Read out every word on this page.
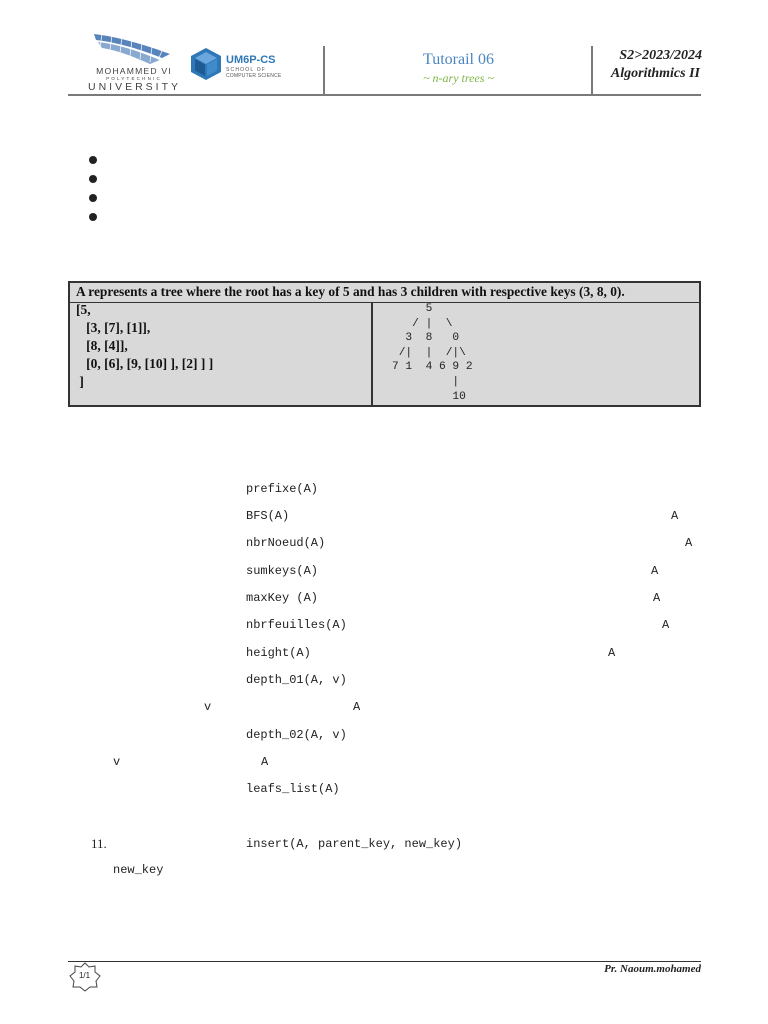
MOHAMMED VI
POLYTECHNIC
UNIVERSITY
UM6P-CS
SCHOOL OF
COMPUTER SCIENCE
Tutorail 06
~ n-ary trees ~
S2>2023/2024
Algorithmics II
A represents a tree where the root has a key of 5 and has 3 children with respective keys (3, 8, 0).
[5,
[3, [7], [1]],
[8, [4]],
[0, [6], [9, [10] ], [2] ] ]
]
5
/ |  \
3  8   0
/|  |  /|\
7 1  4 6 9 2
|
10
prefixe(A)
BFS(A)	A
nbrNoeud(A)	A
sumkeys(A)	A
maxKey (A)	A
nbrfeuilles(A)	A
height(A)	A
depth_01(A, v)
v	A
depth_02(A, v)
v	A
leafs_list(A)
11.	insert(A, parent_key, new_key)
new_key
1/1
Pr. Naoum.mohamed
